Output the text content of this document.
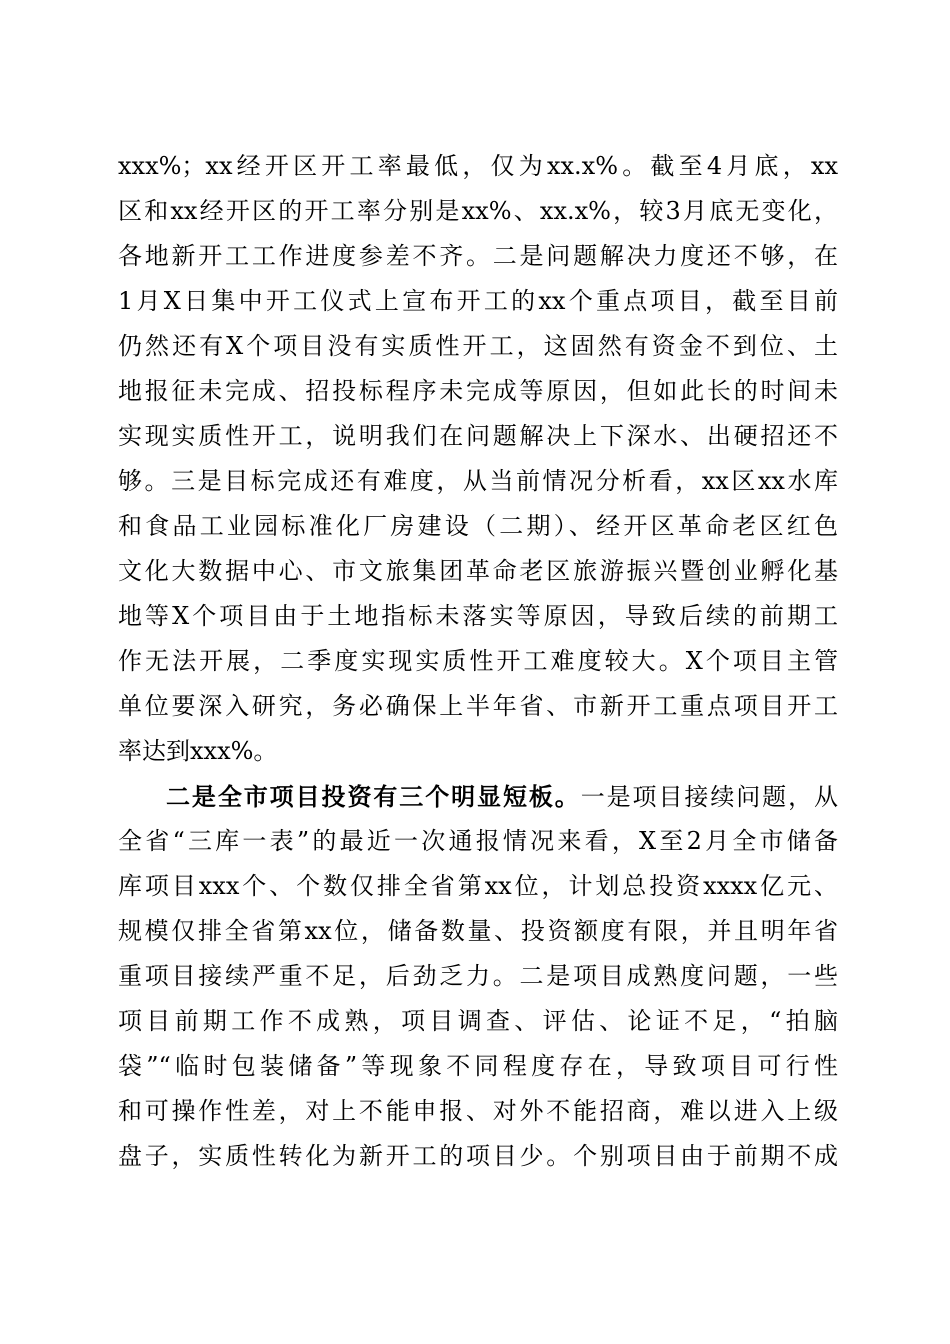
xxx%；xx经开区开工率最低，仅为xx.x%。截至4月底，xx
区和xx经开区的开工率分别是xx%、xx.x%，较3月底无变化，
各地新开工工作进度参差不齐。二是问题解决力度还不够，在
1月X日集中开工仪式上宣布开工的xx个重点项目，截至目前
仍然还有X个项目没有实质性开工，这固然有资金不到位、土
地报征未完成、招投标程序未完成等原因，但如此长的时间未
实现实质性开工，说明我们在问题解决上下深水、出硬招还不
够。三是目标完成还有难度，从当前情况分析看，xx区xx水库
和食品工业园标准化厂房建设（二期）、经开区革命老区红色
文化大数据中心、市文旅集团革命老区旅游振兴暨创业孵化基
地等X个项目由于土地指标未落实等原因，导致后续的前期工
作无法开展，二季度实现实质性开工难度较大。X个项目主管
单位要深入研究，务必确保上半年省、市新开工重点项目开工
率达到xxx%。
二是全市项目投资有三个明显短板。一是项目接续问题，从
全省“三库一表”的最近一次通报情况来看，X至2月全市储备
库项目xxx个、个数仅排全省第xx位，计划总投资xxxx亿元、
规模仅排全省第xx位，储备数量、投资额度有限，并且明年省
重项目接续严重不足，后劲乏力。二是项目成熟度问题，一些
项目前期工作不成熟，项目调查、评估、论证不足，“拍脑
袋”“临时包装储备”等现象不同程度存在，导致项目可行性
和可操作性差，对上不能申报、对外不能招商，难以进入上级
盘子，实质性转化为新开工的项目少。个别项目由于前期不成
